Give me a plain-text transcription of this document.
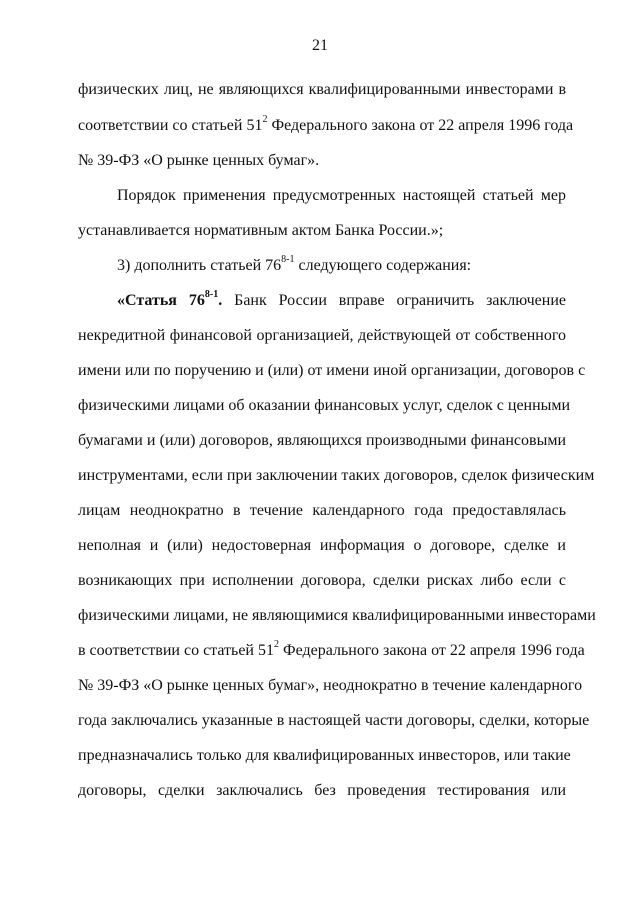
21
физических лиц, не являющихся квалифицированными инвесторами в
соответствии со статьей $51^2$ Федерального закона от 22 апреля 1996 года
№ 39-ФЗ «О рынке ценных бумаг».
Порядок применения предусмотренных настоящей статьей мер
устанавливается нормативным актом Банка России.»;
3) дополнить статьей 76$^{8-1}$ следующего содержания:
«Статья 76$^{8-1}$. Банк России вправе ограничить заключение
некредитной финансовой организацией, действующей от собственного
имени или по поручению и (или) от имени иной организации, договоров с
физическими лицами об оказании финансовых услуг, сделок с ценными
бумагами и (или) договоров, являющихся производными финансовыми
инструментами, если при заключении таких договоров, сделок физическим
лицам неоднократно в течение календарного года предоставлялась
неполная и (или) недостоверная информация о договоре, сделке и
возникающих при исполнении договора, сделки рисках либо если с
физическими лицами, не являющимися квалифицированными инвесторами
в соответствии со статьей $51^2$ Федерального закона от 22 апреля 1996 года
№ 39-ФЗ «О рынке ценных бумаг», неоднократно в течение календарного
года заключались указанные в настоящей части договоры, сделки, которые
предназначались только для квалифицированных инвесторов, или такие
договоры, сделки заключались без проведения тестирования или
